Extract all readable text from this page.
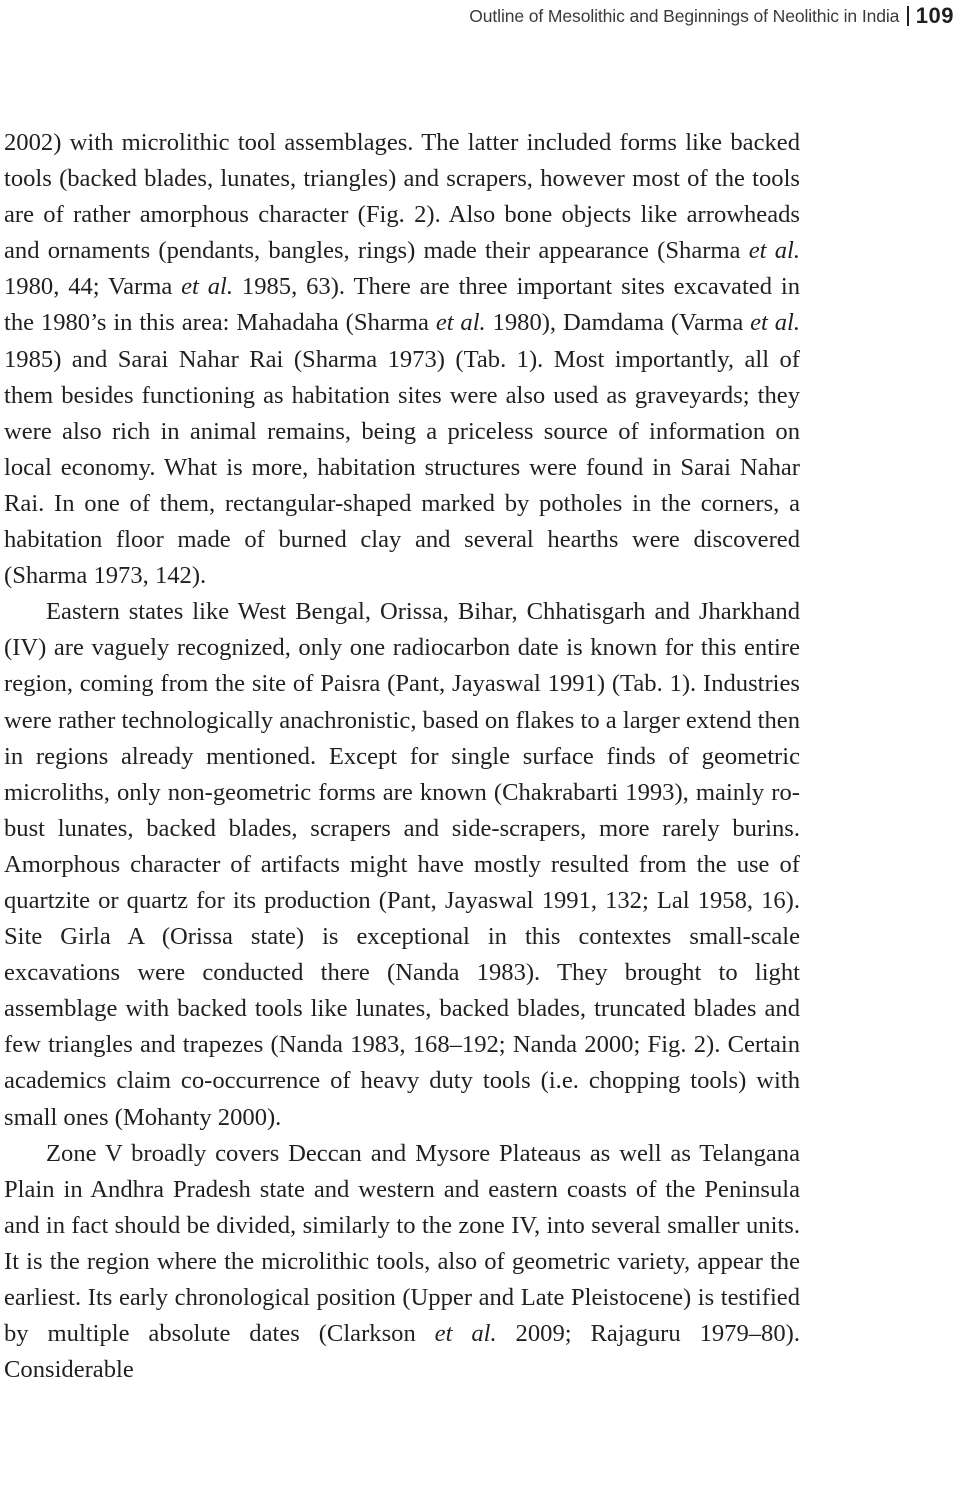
Outline of Mesolithic and Beginnings of Neolithic in India 109

2002) with microlithic tool assemblages. The latter included forms like backed tools (backed blades, lunates, triangles) and scrapers, however most of the tools are of rather amorphous character (Fig. 2). Also bone objects like arrowheads and ornaments (pendants, bangles, rings) made their appearance (Sharma et al. 1980, 44; Varma et al. 1985, 63). There are three important sites excavated in the 1980’s in this area: Mahadaha (Sharma et al. 1980), Damdama (Varma et al. 1985) and Sarai Nahar Rai (Sharma 1973) (Tab. 1). Most importantly, all of them besides functioning as habitation sites were also used as graveyards; they were also rich in animal remains, being a priceless source of information on local economy. What is more, habitation structures were found in Sarai Nahar Rai. In one of them, rectangular-shaped marked by potholes in the corners, a habitation floor made of burned clay and several hearths were discovered (Sharma 1973, 142).

Eastern states like West Bengal, Orissa, Bihar, Chhatisgarh and Jharkhand (IV) are vaguely recognized, only one radiocarbon date is known for this entire region, coming from the site of Paisra (Pant, Jayaswal 1991) (Tab. 1). Industries were rather technologically anachronistic, based on flakes to a larger extend then in regions already mentioned. Except for single surface finds of geometric microliths, only non-geometric forms are known (Chakrabarti 1993), mainly robust lunates, backed blades, scrapers and side-scrapers, more rarely burins. Amorphous character of artifacts might have mostly resulted from the use of quartzite or quartz for its production (Pant, Jayaswal 1991, 132; Lal 1958, 16). Site Girla A (Orissa state) is exceptional in this contextes small-scale excavations were conducted there (Nanda 1983). They brought to light assemblage with backed tools like lunates, backed blades, truncated blades and few triangles and trapezes (Nanda 1983, 168–192; Nanda 2000; Fig. 2). Certain academics claim co-occurrence of heavy duty tools (i.e. chopping tools) with small ones (Mohanty 2000).

Zone V broadly covers Deccan and Mysore Plateaus as well as Telangana Plain in Andhra Pradesh state and western and eastern coasts of the Peninsula and in fact should be divided, similarly to the zone IV, into several smaller units. It is the region where the microlithic tools, also of geometric variety, appear the earliest. Its early chronological position (Upper and Late Pleistocene) is testified by multiple absolute dates (Clarkson et al. 2009; Rajaguru 1979–80). Considerable
